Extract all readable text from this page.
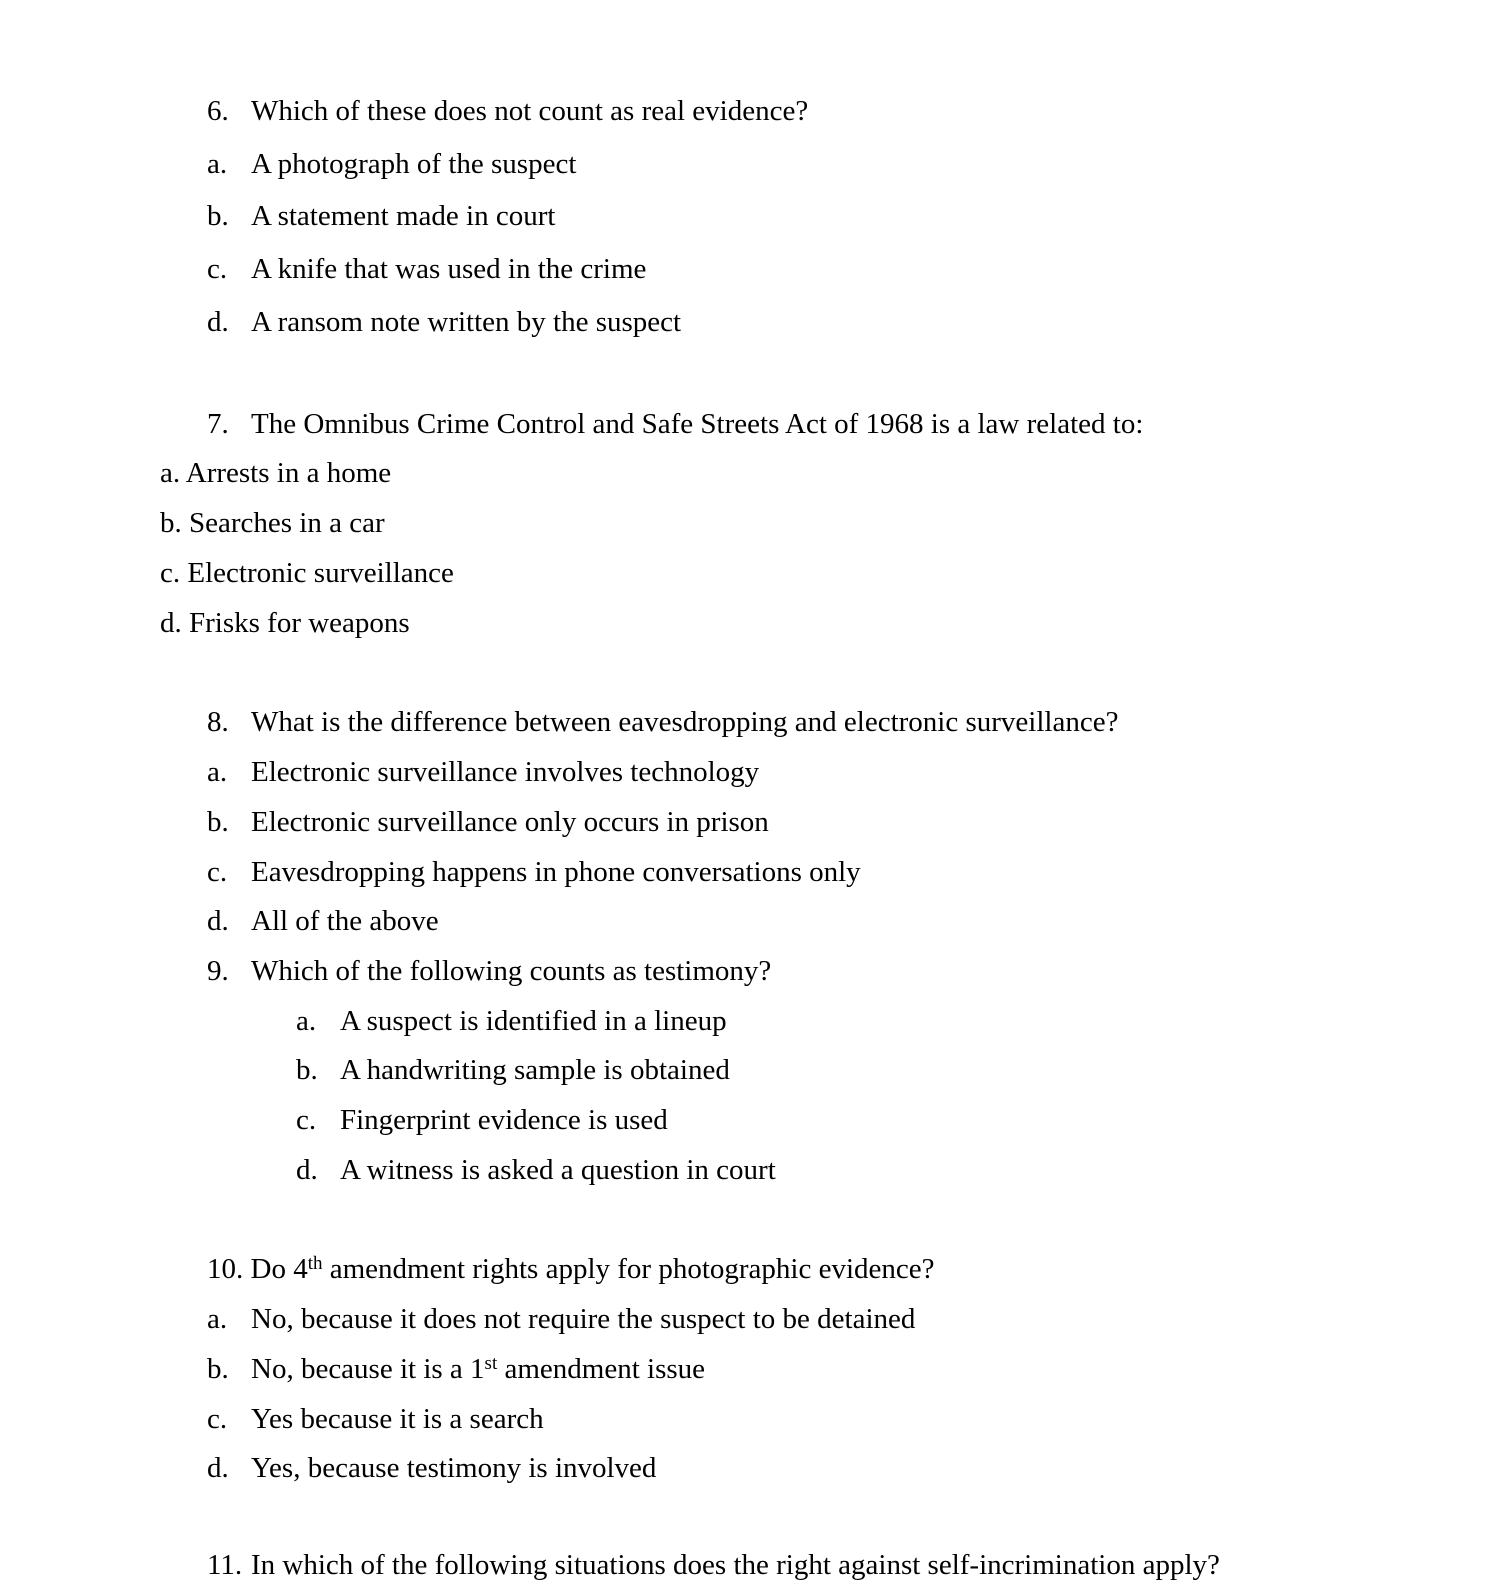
6. Which of these does not count as real evidence?
a. A photograph of the suspect
b. A statement made in court
c. A knife that was used in the crime
d. A ransom note written by the suspect
7. The Omnibus Crime Control and Safe Streets Act of 1968 is a law related to:
a. Arrests in a home
b. Searches in a car
c. Electronic surveillance
d. Frisks for weapons
8. What is the difference between eavesdropping and electronic surveillance?
a. Electronic surveillance involves technology
b. Electronic surveillance only occurs in prison
c. Eavesdropping happens in phone conversations only
d. All of the above
9. Which of the following counts as testimony?
a. A suspect is identified in a lineup
b. A handwriting sample is obtained
c. Fingerprint evidence is used
d. A witness is asked a question in court
10. Do 4th amendment rights apply for photographic evidence?
a. No, because it does not require the suspect to be detained
b. No, because it is a 1st amendment issue
c. Yes because it is a search
d. Yes, because testimony is involved
11. In which of the following situations does the right against self-incrimination apply?
